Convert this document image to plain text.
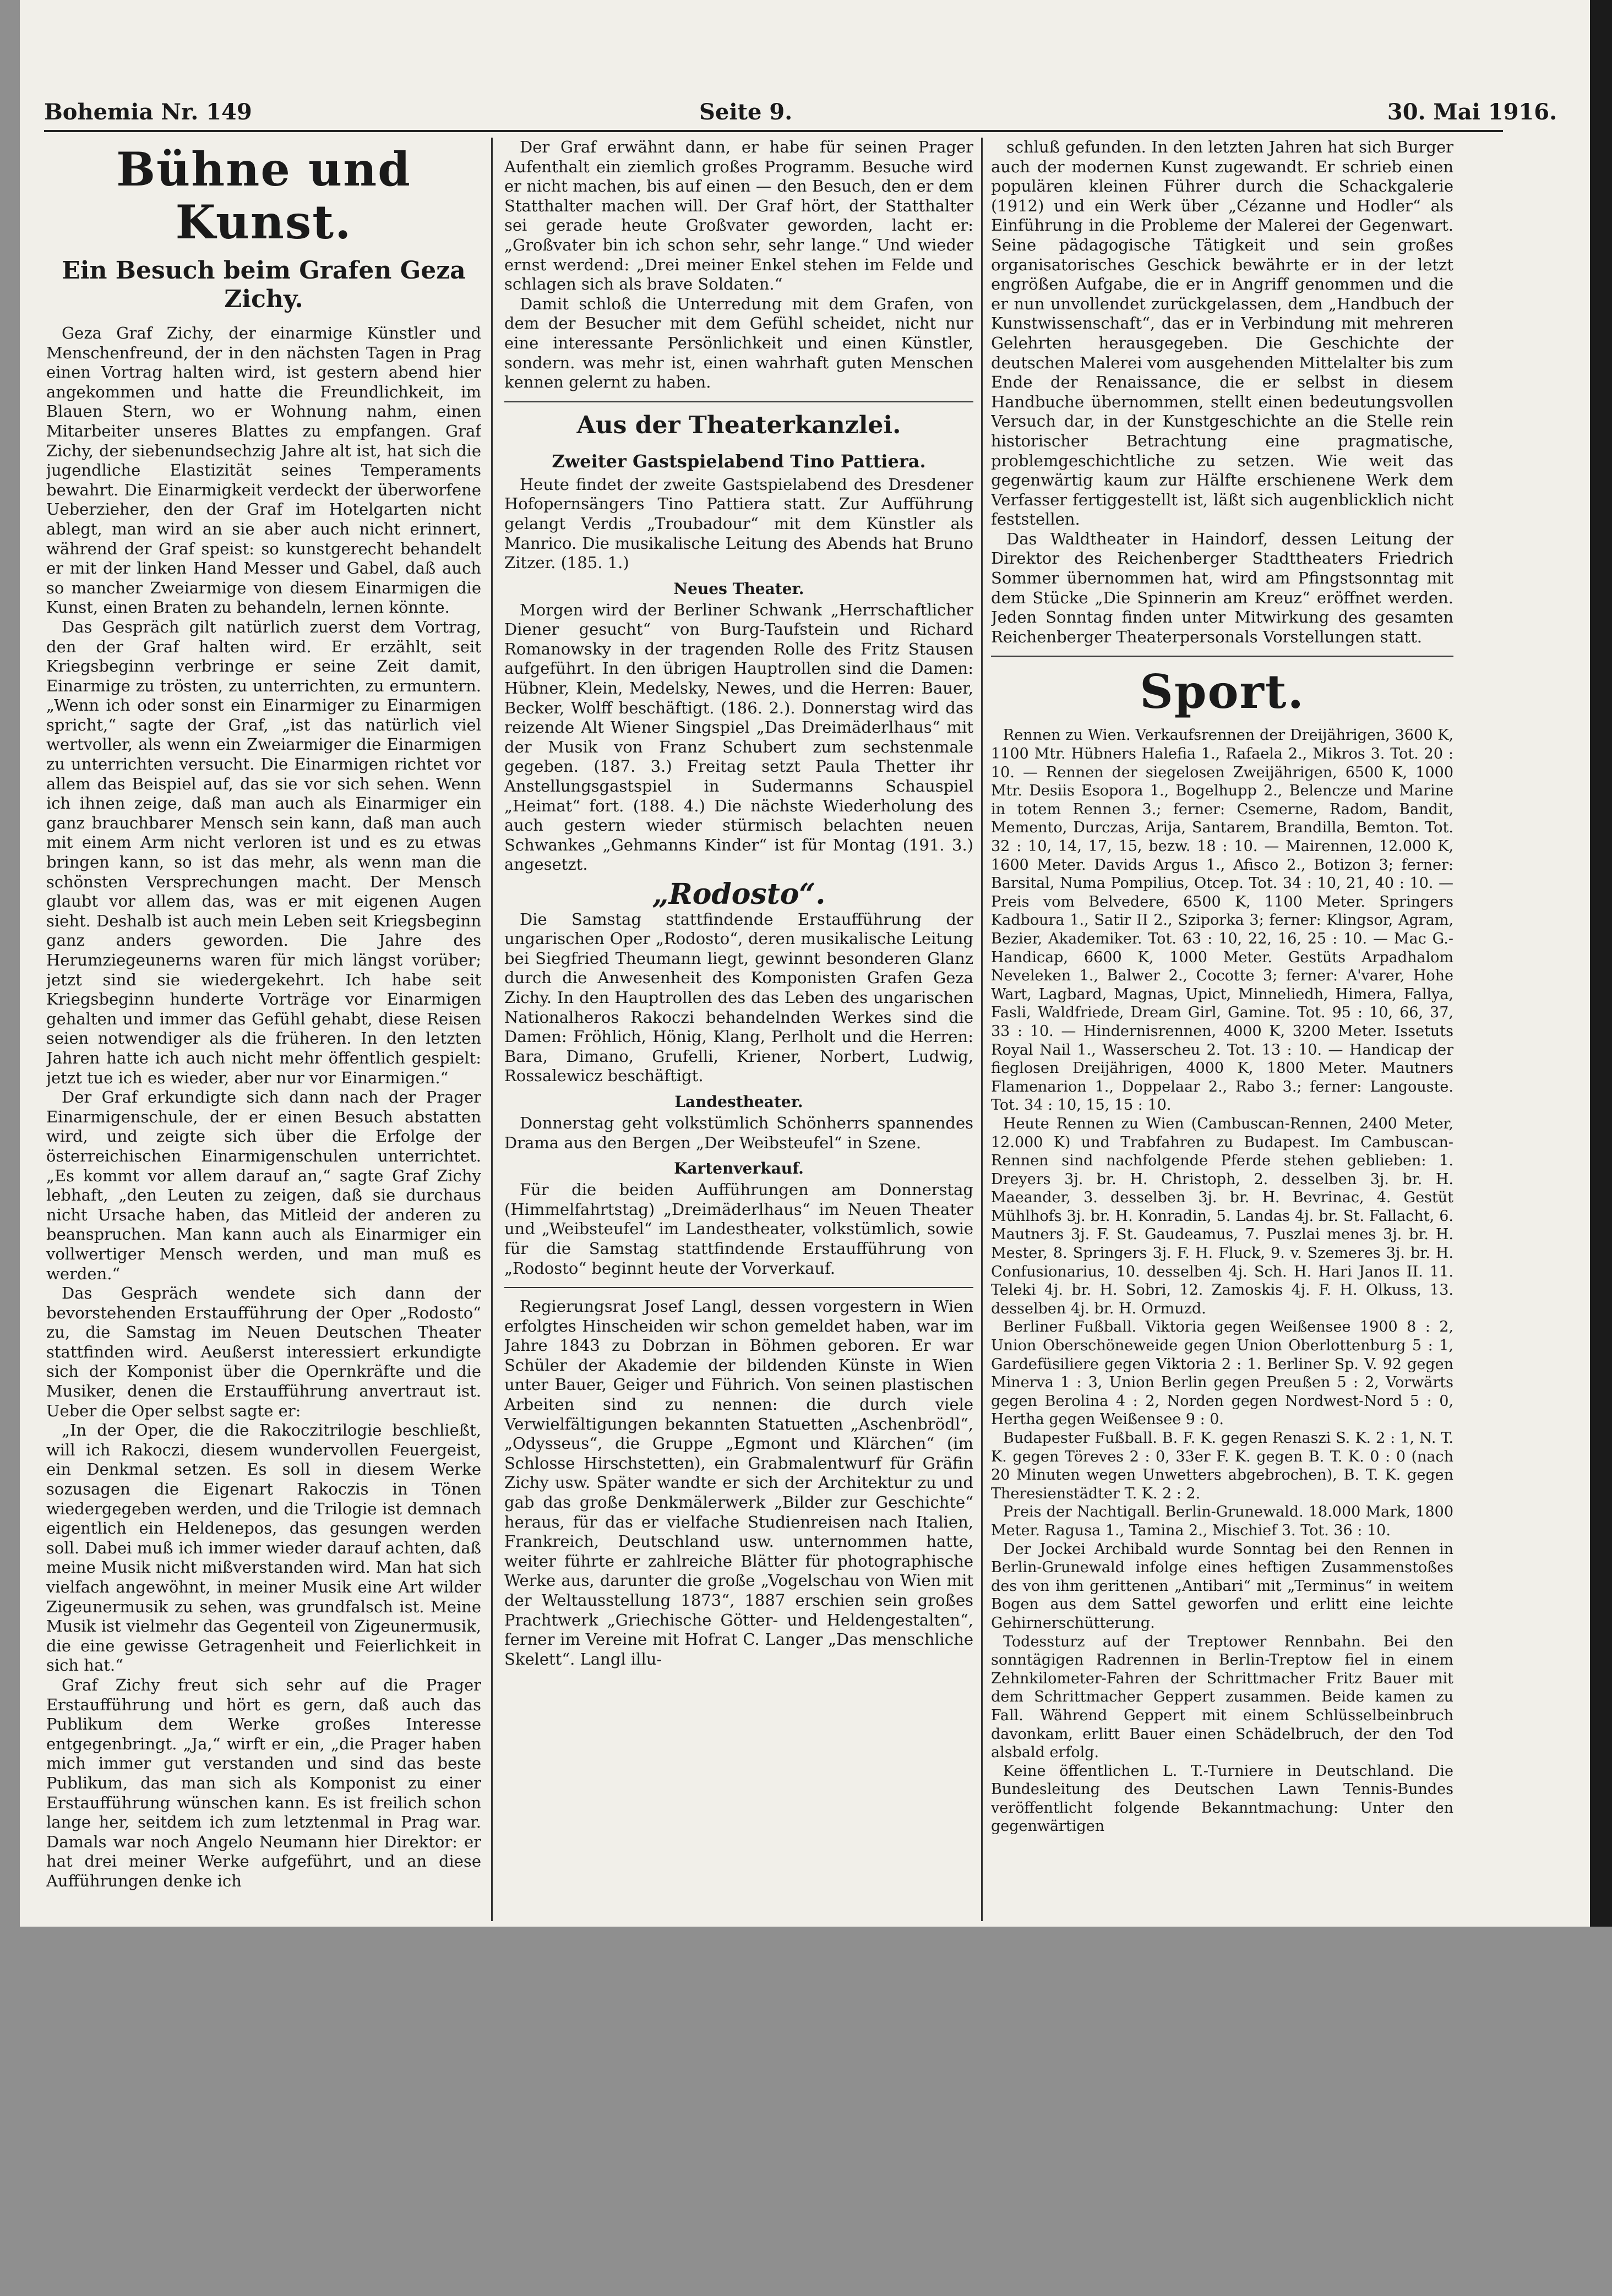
Bohemia Nr. 149	Seite 9.	30. Mai 1916.
Bühne und Kunst.
Ein Besuch beim Grafen Geza Zichy.

Geza Graf Zichy, der einarmige Künstler und Menschenfreund, der in den nächsten Tagen in Prag einen Vortrag halten wird, ist gestern abend hier angekommen und hatte die Freundlichkeit, im Blauen Stern, wo er Wohnung nahm, einen Mitarbeiter unseres Blattes zu empfangen. Graf Zichy, der siebenundsechzig Jahre alt ist, hat sich die jugendliche Elastizität seines Temperaments bewahrt. Die Einarmigkeit verdeckt der überworfene Ueberzieher, den der Graf im Hotelgarten nicht ablegt, man wird an sie aber auch nicht erinnert, während der Graf speist: so kunstgerecht behandelt er mit der linken Hand Messer und Gabel, daß auch so mancher Zweiarmige von diesem Einarmigen die Kunst, einen Braten zu behandeln, lernen könnte.

Das Gespräch gilt natürlich zuerst dem Vortrag, den der Graf halten wird. Er erzählt, seit Kriegsbeginn verbringe er seine Zeit damit, Einarmige zu trösten, zu unterrichten, zu ermuntern. „Wenn ich oder sonst ein Einarmiger zu Einarmigen spricht,“ sagte der Graf, „ist das natürlich viel wertvoller, als wenn ein Zweiarmiger die Einarmigen zu unterrichten versucht. Die Einarmigen richtet vor allem das Beispiel auf, das sie vor sich sehen. Wenn ich ihnen zeige, daß man auch als Einarmiger ein ganz brauchbarer Mensch sein kann, daß man auch mit einem Arm nicht verloren ist und es zu etwas bringen kann, so ist das mehr, als wenn man die schönsten Versprechungen macht. Der Mensch glaubt vor allem das, was er mit eigenen Augen sieht. Deshalb ist auch mein Leben seit Kriegsbeginn ganz anders geworden. Die Jahre des Herumziegeunerns waren für mich längst vorüber; jetzt sind sie wiedergekehrt. Ich habe seit Kriegsbeginn hunderte Vorträge vor Einarmigen gehalten und immer das Gefühl gehabt, diese Reisen seien notwendiger als die früheren. In den letzten Jahren hatte ich auch nicht mehr öffentlich gespielt: jetzt tue ich es wieder, aber nur vor Einarmigen.“

Der Graf erkundigte sich dann nach der Prager Einarmigenschule, der er einen Besuch abstatten wird, und zeigte sich über die Erfolge der österreichischen Einarmigenschulen unterrichtet. „Es kommt vor allem darauf an,“ sagte Graf Zichy lebhaft, „den Leuten zu zeigen, daß sie durchaus nicht Ursache haben, das Mitleid der anderen zu beanspruchen. Man kann auch als Einarmiger ein vollwertiger Mensch werden, und man muß es werden.“

Das Gespräch wendete sich dann der bevorstehenden Erstaufführung der Oper „Rodosto“ zu, die Samstag im Neuen Deutschen Theater stattfinden wird. Aeußerst interessiert erkundigte sich der Komponist über die Opernkräfte und die Musiker, denen die Erstaufführung anvertraut ist. Ueber die Oper selbst sagte er:

„In der Oper, die die Rakoczitrilogie beschließt, will ich Rakoczi, diesem wundervollen Feuergeist, ein Denkmal setzen. Es soll in diesem Werke sozusagen die Eigenart Rakoczis in Tönen wiedergegeben werden, und die Trilogie ist demnach eigentlich ein Heldenepos, das gesungen werden soll. Dabei muß ich immer wieder darauf achten, daß meine Musik nicht mißverstanden wird. Man hat sich vielfach angewöhnt, in meiner Musik eine Art wilder Zigeunermusik zu sehen, was grundfalsch ist. Meine Musik ist vielmehr das Gegenteil von Zigeunermusik, die eine gewisse Getragenheit und Feierlichkeit in sich hat.“

Graf Zichy freut sich sehr auf die Prager Erstaufführung und hört es gern, daß auch das Publikum dem Werke großes Interesse entgegenbringt. „Ja,“ wirft er ein, „die Prager haben mich immer gut verstanden und sind das beste Publikum, das man sich als Komponist zu einer Erstaufführung wünschen kann. Es ist freilich schon lange her, seitdem ich zum letztenmal in Prag war. Damals war noch Angelo Neumann hier Direktor: er hat drei meiner Werke aufgeführt, und an diese Aufführungen denke ich

Der Graf erwähnt dann, er habe für seinen Prager Aufenthalt ein ziemlich großes Programm. Besuche wird er nicht machen, bis auf einen — den Besuch, den er dem Statthalter machen will. Der Graf hört, der Statthalter sei gerade heute Großvater geworden, lacht er: „Großvater bin ich schon sehr, sehr lange.“ Und wieder ernst werdend: „Drei meiner Enkel stehen im Felde und schlagen sich als brave Soldaten.“

Damit schloß die Unterredung mit dem Grafen, von dem der Besucher mit dem Gefühl scheidet, nicht nur eine interessante Persönlichkeit und einen Künstler, sondern. was mehr ist, einen wahrhaft guten Menschen kennen gelernt zu haben.

Aus der Theaterkanzlei.
Zweiter Gastspielabend Tino Pattiera.

Heute findet der zweite Gastspielabend des Dresdener Hofopernsängers Tino Pattiera statt. Zur Aufführung gelangt Verdis „Troubadour“ mit dem Künstler als Manrico. Die musikalische Leitung des Abends hat Bruno Zitzer. (185. 1.)

Neues Theater.

Morgen wird der Berliner Schwank „Herrschaftlicher Diener gesucht“ von Burg-Taufstein und Richard Romanowsky in der tragenden Rolle des Fritz Stausen aufgeführt. In den übrigen Hauptrollen sind die Damen: Hübner, Klein, Medelsky, Newes, und die Herren: Bauer, Becker, Wolff beschäftigt. (186. 2.). Donnerstag wird das reizende Alt Wiener Singspiel „Das Dreimäderlhaus“ mit der Musik von Franz Schubert zum sechstenmale gegeben. (187. 3.) Freitag setzt Paula Thetter ihr Anstellungsgastspiel in Sudermanns Schauspiel „Heimat“ fort. (188. 4.) Die nächste Wiederholung des auch gestern wieder stürmisch belachten neuen Schwankes „Gehmanns Kinder“ ist für Montag (191. 3.) angesetzt.

„Rodosto“.

Die Samstag stattfindende Erstaufführung der ungarischen Oper „Rodosto“, deren musikalische Leitung bei Siegfried Theumann liegt, gewinnt besonderen Glanz durch die Anwesenheit des Komponisten Grafen Geza Zichy. In den Hauptrollen des das Leben des ungarischen Nationalheros Rakoczi behandelnden Werkes sind die Damen: Fröhlich, Hönig, Klang, Perlholt und die Herren: Bara, Dimano, Grufelli, Kriener, Norbert, Ludwig, Rossalewicz beschäftigt.

Landestheater.

Donnerstag geht volkstümlich Schönherrs spannendes Drama aus den Bergen „Der Weibsteufel“ in Szene.

Kartenverkauf.

Für die beiden Aufführungen am Donnerstag (Himmelfahrtstag) „Dreimäderlhaus“ im Neuen Theater und „Weibsteufel“ im Landestheater, volkstümlich, sowie für die Samstag stattfindende Erstaufführung von „Rodosto“ beginnt heute der Vorverkauf.

Regierungsrat Josef Langl, dessen vorgestern in Wien erfolgtes Hinscheiden wir schon gemeldet haben, war im Jahre 1843 zu Dobrzan in Böhmen geboren. Er war Schüler der Akademie der bildenden Künste in Wien unter Bauer, Geiger und Führich. Von seinen plastischen Arbeiten sind zu nennen: die durch viele Verwielfältigungen bekannten Statuetten „Aschenbrödl“, „Odysseus“, die Gruppe „Egmont und Klärchen“ (im Schlosse Hirschstetten), ein Grabmalentwurf für Gräfin Zichy usw. Später wandte er sich der Architektur zu und gab das große Denkmälerwerk „Bilder zur Geschichte“ heraus, für das er vielfache Studienreisen nach Italien, Frankreich, Deutschland usw. unternommen hatte, weiter führte er zahlreiche Blätter für photographische Werke aus, darunter die große „Vogelschau von Wien mit der Weltausstellung 1873“, 1887 erschien sein großes Prachtwerk „Griechische Götter- und Heldengestalten“, ferner im Vereine mit Hofrat C. Langer „Das menschliche Skelett“. Langl illu-

schluß gefunden. In den letzten Jahren hat sich Burger auch der modernen Kunst zugewandt. Er schrieb einen populären kleinen Führer durch die Schackgalerie (1912) und ein Werk über „Cézanne und Hodler“ als Einführung in die Probleme der Malerei der Gegenwart. Seine pädagogische Tätigkeit und sein großes organisatorisches Geschick bewährte er in der letzt engrößen Aufgabe, die er in Angriff genommen und die er nun unvollendet zurückgelassen, dem „Handbuch der Kunstwissenschaft“, das er in Verbindung mit mehreren Gelehrten herausgegeben. Die Geschichte der deutschen Malerei vom ausgehenden Mittelalter bis zum Ende der Renaissance, die er selbst in diesem Handbuche übernommen, stellt einen bedeutungsvollen Versuch dar, in der Kunstgeschichte an die Stelle rein historischer Betrachtung eine pragmatische, problemgeschichtliche zu setzen. Wie weit das gegenwärtig kaum zur Hälfte erschienene Werk dem Verfasser fertiggestellt ist, läßt sich augenblicklich nicht feststellen.

Das Waldtheater in Haindorf, dessen Leitung der Direktor des Reichenberger Stadttheaters Friedrich Sommer übernommen hat, wird am Pfingstsonntag mit dem Stücke „Die Spinnerin am Kreuz“ eröffnet werden. Jeden Sonntag finden unter Mitwirkung des gesamten Reichenberger Theaterpersonals Vorstellungen statt.

Sport.

Rennen zu Wien. Verkaufsrennen der Dreijährigen, 3600 K, 1100 Mtr. Hübners Halefia 1., Rafaela 2., Mikros 3. Tot. 20 : 10. — Rennen der siegelosen Zweijährigen, 6500 K, 1000 Mtr. Desiis Esopora 1., Bogelhupp 2., Belencze und Marine in totem Rennen 3.; ferner: Csemerne, Radom, Bandit, Memento, Durczas, Arija, Santarem, Brandilla, Bemton. Tot. 32 : 10, 14, 17, 15, bezw. 18 : 10. — Mairennen, 12.000 K, 1600 Meter. Davids Argus 1., Afisco 2., Botizon 3; ferner: Barsital, Numa Pompilius, Otcep. Tot. 34 : 10, 21, 40 : 10. — Preis vom Belvedere, 6500 K, 1100 Meter. Springers Kadboura 1., Satir II 2., Sziporka 3; ferner: Klingsor, Agram, Bezier, Akademiker. Tot. 63 : 10, 22, 16, 25 : 10. — Mac G.-Handicap, 6600 K, 1000 Meter. Gestüts Arpadhalom Neveleken 1., Balwer 2., Cocotte 3; ferner: A'varer, Hohe Wart, Lagbard, Magnas, Upict, Minneliedh, Himera, Fallya, Fasli, Waldfriede, Dream Girl, Gamine. Tot. 95 : 10, 66, 37, 33 : 10. — Hindernisrennen, 4000 K, 3200 Meter. Issetuts Royal Nail 1., Wasserscheu 2. Tot. 13 : 10. — Handicap der fieglosen Dreijährigen, 4000 K, 1800 Meter. Mautners Flamenarion 1., Doppelaar 2., Rabo 3.; ferner: Langouste. Tot. 34 : 10, 15, 15 : 10.

Heute Rennen zu Wien (Cambuscan-Rennen, 2400 Meter, 12.000 K) und Trabfahren zu Budapest. Im Cambuscan-Rennen sind nachfolgende Pferde stehen geblieben: 1. Dreyers 3j. br. H. Christoph, 2. desselben 3j. br. H. Maeander, 3. desselben 3j. br. H. Bevrinac, 4. Gestüt Mühlhofs 3j. br. H. Konradin, 5. Landas 4j. br. St. Fallacht, 6. Mautners 3j. F. St. Gaudeamus, 7. Puszlai menes 3j. br. H. Mester, 8. Springers 3j. F. H. Fluck, 9. v. Szemeres 3j. br. H. Confusionarius, 10. desselben 4j. Sch. H. Hari Janos II. 11. Teleki 4j. br. H. Sobri, 12. Zamoskis 4j. F. H. Olkuss, 13. desselben 4j. br. H. Ormuzd.

Berliner Fußball. Viktoria gegen Weißensee 1900 8 : 2, Union Oberschöneweide gegen Union Oberlottenburg 5 : 1, Gardefüsiliere gegen Viktoria 2 : 1. Berliner Sp. V. 92 gegen Minerva 1 : 3, Union Berlin gegen Preußen 5 : 2, Vorwärts gegen Berolina 4 : 2, Norden gegen Nordwest-Nord 5 : 0, Hertha gegen Weißensee 9 : 0.

Budapester Fußball. B. F. K. gegen Renaszi S. K. 2 : 1, N. T. K. gegen Töreves 2 : 0, 33er F. K. gegen B. T. K. 0 : 0 (nach 20 Minuten wegen Unwetters abgebrochen), B. T. K. gegen Theresienstädter T. K. 2 : 2.

Preis der Nachtigall. Berlin-Grunewald. 18.000 Mark, 1800 Meter. Ragusa 1., Tamina 2., Mischief 3. Tot. 36 : 10.

Der Jockei Archibald wurde Sonntag bei den Rennen in Berlin-Grunewald infolge eines heftigen Zusammenstoßes des von ihm gerittenen „Antibari“ mit „Terminus“ in weitem Bogen aus dem Sattel geworfen und erlitt eine leichte Gehirnerschütterung.

Todessturz auf der Treptower Rennbahn. Bei den sonntägigen Radrennen in Berlin-Treptow fiel in einem Zehnkilometer-Fahren der Schrittmacher Fritz Bauer mit dem Schrittmacher Geppert zusammen. Beide kamen zu Fall. Während Geppert mit einem Schlüsselbeinbruch davonkam, erlitt Bauer einen Schädelbruch, der den Tod alsbald erfolg.

Keine öffentlichen L. T.-Turniere in Deutschland. Die Bundesleitung des Deutschen Lawn Tennis-Bundes veröffentlicht folgende Bekanntmachung: Unter den gegenwärtigen
